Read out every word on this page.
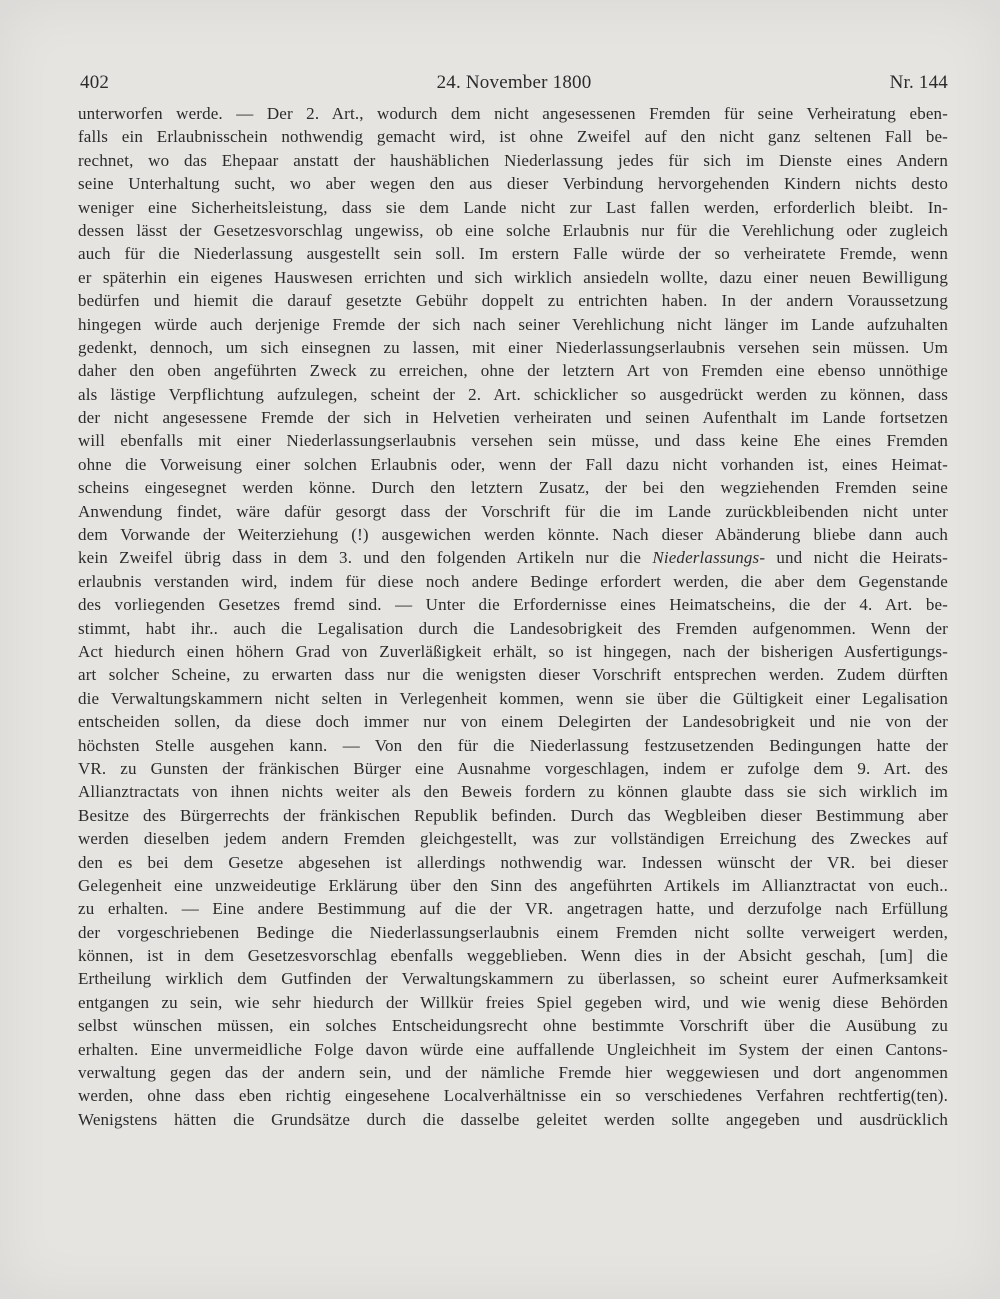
402	24. November 1800	Nr. 144
unterworfen werde. — Der 2. Art., wodurch dem nicht angesessenen Fremden für seine Verheiratung eben-
falls ein Erlaubnisschein nothwendig gemacht wird, ist ohne Zweifel auf den nicht ganz seltenen Fall be-
rechnet, wo das Ehepaar anstatt der haushäblichen Niederlassung jedes für sich im Dienste eines Andern
seine Unterhaltung sucht, wo aber wegen den aus dieser Verbindung hervorgehenden Kindern nichts desto
weniger eine Sicherheitsleistung, dass sie dem Lande nicht zur Last fallen werden, erforderlich bleibt. In-
dessen lässt der Gesetzesvorschlag ungewiss, ob eine solche Erlaubnis nur für die Verehlichung oder zugleich
auch für die Niederlassung ausgestellt sein soll. Im erstern Falle würde der so verheiratete Fremde, wenn
er späterhin ein eigenes Hauswesen errichten und sich wirklich ansiedeln wollte, dazu einer neuen Bewilligung
bedürfen und hiemit die darauf gesetzte Gebühr doppelt zu entrichten haben. In der andern Voraussetzung
hingegen würde auch derjenige Fremde der sich nach seiner Verehlichung nicht länger im Lande aufzuhalten
gedenkt, dennoch, um sich einsegnen zu lassen, mit einer Niederlassungserlaubnis versehen sein müssen. Um
daher den oben angeführten Zweck zu erreichen, ohne der letztern Art von Fremden eine ebenso unnöthige
als lästige Verpflichtung aufzulegen, scheint der 2. Art. schicklicher so ausgedrückt werden zu können, dass
der nicht angesessene Fremde der sich in Helvetien verheiraten und seinen Aufenthalt im Lande fortsetzen
will ebenfalls mit einer Niederlassungserlaubnis versehen sein müsse, und dass keine Ehe eines Fremden
ohne die Vorweisung einer solchen Erlaubnis oder, wenn der Fall dazu nicht vorhanden ist, eines Heimat-
scheins eingesegnet werden könne. Durch den letztern Zusatz, der bei den wegziehenden Fremden seine
Anwendung findet, wäre dafür gesorgt dass der Vorschrift für die im Lande zurückbleibenden nicht unter
dem Vorwande der Weiterziehung (!) ausgewichen werden könnte. Nach dieser Abänderung bliebe dann auch
kein Zweifel übrig dass in dem 3. und den folgenden Artikeln nur die Niederlassungs- und nicht die Heirats-
erlaubnis verstanden wird, indem für diese noch andere Bedinge erfordert werden, die aber dem Gegenstande
des vorliegenden Gesetzes fremd sind. — Unter die Erfordernisse eines Heimatscheins, die der 4. Art. be-
stimmt, habt ihr.. auch die Legalisation durch die Landesobrigkeit des Fremden aufgenommen. Wenn der
Act hiedurch einen höhern Grad von Zuverläßigkeit erhält, so ist hingegen, nach der bisherigen Ausfertigungs-
art solcher Scheine, zu erwarten dass nur die wenigsten dieser Vorschrift entsprechen werden. Zudem dürften
die Verwaltungskammern nicht selten in Verlegenheit kommen, wenn sie über die Gültigkeit einer Legalisation
entscheiden sollen, da diese doch immer nur von einem Delegirten der Landesobrigkeit und nie von der
höchsten Stelle ausgehen kann. — Von den für die Niederlassung festzusetzenden Bedingungen hatte der
VR. zu Gunsten der fränkischen Bürger eine Ausnahme vorgeschlagen, indem er zufolge dem 9. Art. des
Allianztractats von ihnen nichts weiter als den Beweis fordern zu können glaubte dass sie sich wirklich im
Besitze des Bürgerrechts der fränkischen Republik befinden. Durch das Wegbleiben dieser Bestimmung aber
werden dieselben jedem andern Fremden gleichgestellt, was zur vollständigen Erreichung des Zweckes auf
den es bei dem Gesetze abgesehen ist allerdings nothwendig war. Indessen wünscht der VR. bei dieser
Gelegenheit eine unzweideutige Erklärung über den Sinn des angeführten Artikels im Allianztractat von euch..
zu erhalten. — Eine andere Bestimmung auf die der VR. angetragen hatte, und derzufolge nach Erfüllung
der vorgeschriebenen Bedinge die Niederlassungserlaubnis einem Fremden nicht sollte verweigert werden,
können, ist in dem Gesetzesvorschlag ebenfalls weggeblieben. Wenn dies in der Absicht geschah, [um] die
Ertheilung wirklich dem Gutfinden der Verwaltungskammern zu überlassen, so scheint eurer Aufmerksamkeit
entgangen zu sein, wie sehr hiedurch der Willkür freies Spiel gegeben wird, und wie wenig diese Behörden
selbst wünschen müssen, ein solches Entscheidungsrecht ohne bestimmte Vorschrift über die Ausübung zu
erhalten. Eine unvermeidliche Folge davon würde eine auffallende Ungleichheit im System der einen Cantons-
verwaltung gegen das der andern sein, und der nämliche Fremde hier weggewiesen und dort angenommen
werden, ohne dass eben richtig eingesehene Localverhältnisse ein so verschiedenes Verfahren rechtfertig(ten).
Wenigstens hätten die Grundsätze durch die dasselbe geleitet werden sollte angegeben und ausdrücklich
